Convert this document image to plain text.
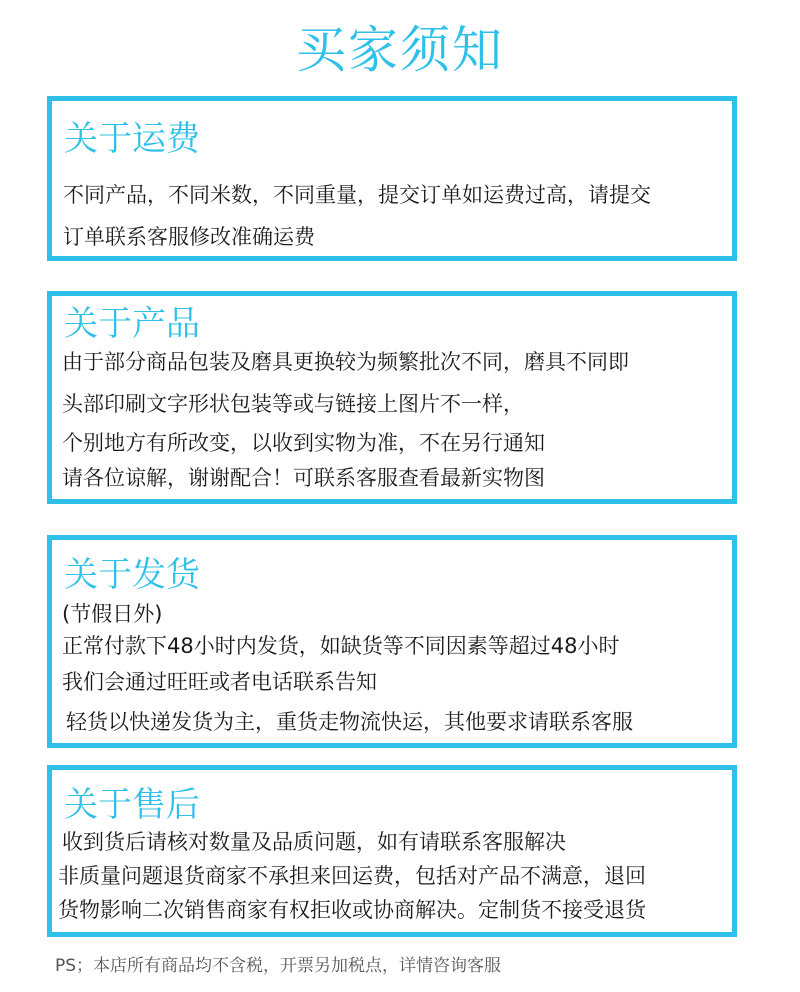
买家须知
关于运费
不同产品，不同米数，不同重量，提交订单如运费过高，请提交
订单联系客服修改准确运费
关于产品
由于部分商品包装及磨具更换较为频繁批次不同，磨具不同即
头部印刷文字形状包装等或与链接上图片不一样，
个别地方有所改变，以收到实物为准，不在另行通知
请各位谅解，谢谢配合！可联系客服查看最新实物图
关于发货
(节假日外)
正常付款下48小时内发货，如缺货等不同因素等超过48小时
我们会通过旺旺或者电话联系告知
轻货以快递发货为主，重货走物流快运，其他要求请联系客服
关于售后
收到货后请核对数量及品质问题，如有请联系客服解决
非质量问题退货商家不承担来回运费，包括对产品不满意，退回
货物影响二次销售商家有权拒收或协商解决。定制货不接受退货
PS；本店所有商品均不含税，开票另加税点，详情咨询客服
